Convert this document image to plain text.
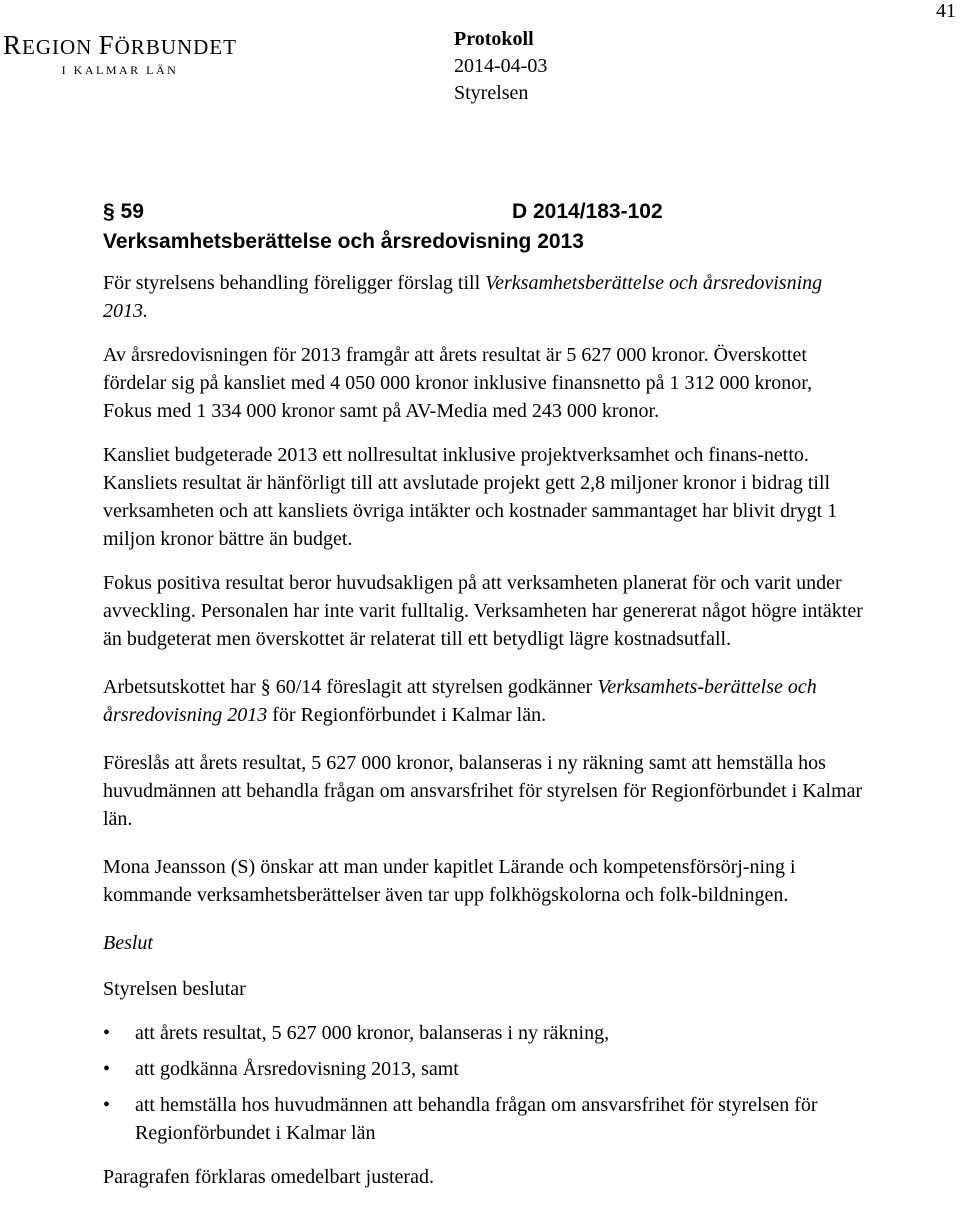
REGION FÖRBUNDET
I KALMAR LÄN
41
Protokoll
2014-04-03
Styrelsen
§ 59	D 2014/183-102
Verksamhetsberättelse och årsredovisning 2013

För styrelsens behandling föreligger förslag till Verksamhetsberättelse och årsredovisning 2013.

Av årsredovisningen för 2013 framgår att årets resultat är 5 627 000 kronor. Överskottet fördelar sig på kansliet med 4 050 000 kronor inklusive finansnetto på 1 312 000 kronor, Fokus med 1 334 000 kronor samt på AV-Media med 243 000 kronor.

Kansliet budgeterade 2013 ett nollresultat inklusive projektverksamhet och finans-netto. Kansliets resultat är hänförligt till att avslutade projekt gett 2,8 miljoner kronor i bidrag till verksamheten och att kansliets övriga intäkter och kostnader sammantaget har blivit drygt 1 miljon kronor bättre än budget.

Fokus positiva resultat beror huvudsakligen på att verksamheten planerat för och varit under avveckling. Personalen har inte varit fulltalig. Verksamheten har genererat något högre intäkter än budgeterat men överskottet är relaterat till ett betydligt lägre kostnadsutfall.

Arbetsutskottet har § 60/14 föreslagit att styrelsen godkänner Verksamhets-berättelse och årsredovisning 2013 för Regionförbundet i Kalmar län.

Föreslås att årets resultat, 5 627 000 kronor, balanseras i ny räkning samt att hemställa hos huvudmännen att behandla frågan om ansvarsfrihet för styrelsen för Regionförbundet i Kalmar län.

Mona Jeansson (S) önskar att man under kapitlet Lärande och kompetensförsörj-ning i kommande verksamhetsberättelser även tar upp folkhögskolorna och folk-bildningen.

Beslut

Styrelsen beslutar

• att årets resultat, 5 627 000 kronor, balanseras i ny räkning,
• att godkänna Årsredovisning 2013, samt
• att hemställa hos huvudmännen att behandla frågan om ansvarsfrihet för styrelsen för Regionförbundet i Kalmar län

Paragrafen förklaras omedelbart justerad.
